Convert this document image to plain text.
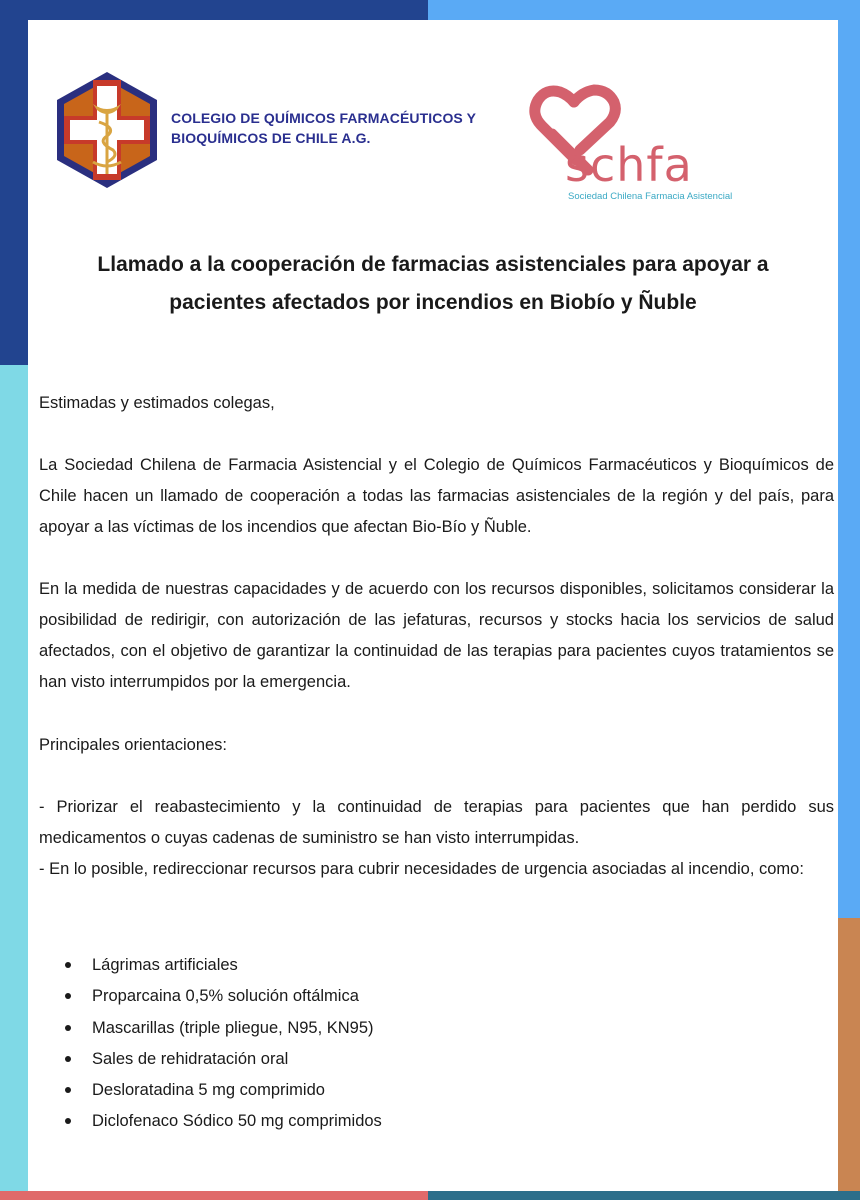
COLEGIO DE QUÍMICOS FARMACÉUTICOS Y
BIOQUÍMICOS DE CHILE A.G.	schfa
Sociedad Chilena Farmacia Asistencial
Llamado a la cooperación de farmacias asistenciales para apoyar a
pacientes afectados por incendios en Biobío y Ñuble

Estimadas y estimados colegas,

La Sociedad Chilena de Farmacia Asistencial y el Colegio de Químicos Farmacéuticos y Bioquímicos de Chile hacen un llamado de cooperación a todas las farmacias asistenciales de la región y del país, para apoyar a las víctimas de los incendios que afectan Bio-Bío y Ñuble.

En la medida de nuestras capacidades y de acuerdo con los recursos disponibles, solicitamos considerar la posibilidad de redirigir, con autorización de las jefaturas, recursos y stocks hacia los servicios de salud afectados, con el objetivo de garantizar la continuidad de las terapias para pacientes cuyos tratamientos se han visto interrumpidos por la emergencia.

Principales orientaciones:

- Priorizar el reabastecimiento y la continuidad de terapias para pacientes que han perdido sus medicamentos o cuyas cadenas de suministro se han visto interrumpidas.

- En lo posible, redireccionar recursos para cubrir necesidades de urgencia asociadas al incendio, como:

Lágrimas artificiales
Proparcaina 0,5% solución oftálmica
Mascarillas (triple pliegue, N95, KN95)
Sales de rehidratación oral
Desloratadina 5 mg comprimido
Diclofenaco Sódico 50 mg comprimidos
